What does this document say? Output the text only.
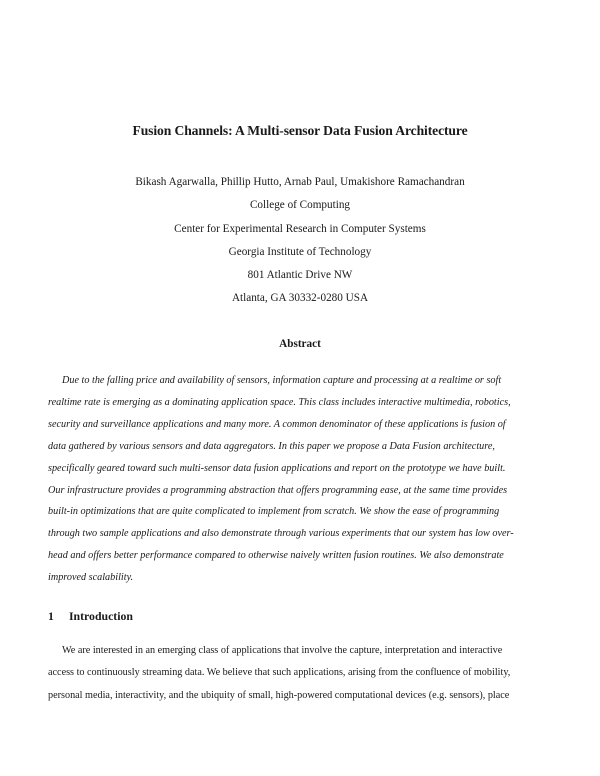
Fusion Channels: A Multi-sensor Data Fusion Architecture
Bikash Agarwalla, Phillip Hutto, Arnab Paul, Umakishore Ramachandran
College of Computing
Center for Experimental Research in Computer Systems
Georgia Institute of Technology
801 Atlantic Drive NW
Atlanta, GA 30332-0280 USA
Abstract
Due to the falling price and availability of sensors, information capture and processing at a realtime or soft
realtime rate is emerging as a dominating application space. This class includes interactive multimedia, robotics,
security and surveillance applications and many more. A common denominator of these applications is fusion of
data gathered by various sensors and data aggregators. In this paper we propose a Data Fusion architecture,
specifically geared toward such multi-sensor data fusion applications and report on the prototype we have built.
Our infrastructure provides a programming abstraction that offers programming ease, at the same time provides
built-in optimizations that are quite complicated to implement from scratch. We show the ease of programming
through two sample applications and also demonstrate through various experiments that our system has low over-
head and offers better performance compared to otherwise naively written fusion routines. We also demonstrate
improved scalability.
1 Introduction
We are interested in an emerging class of applications that involve the capture, interpretation and interactive
access to continuously streaming data. We believe that such applications, arising from the confluence of mobility,
personal media, interactivity, and the ubiquity of small, high-powered computational devices (e.g. sensors), place
